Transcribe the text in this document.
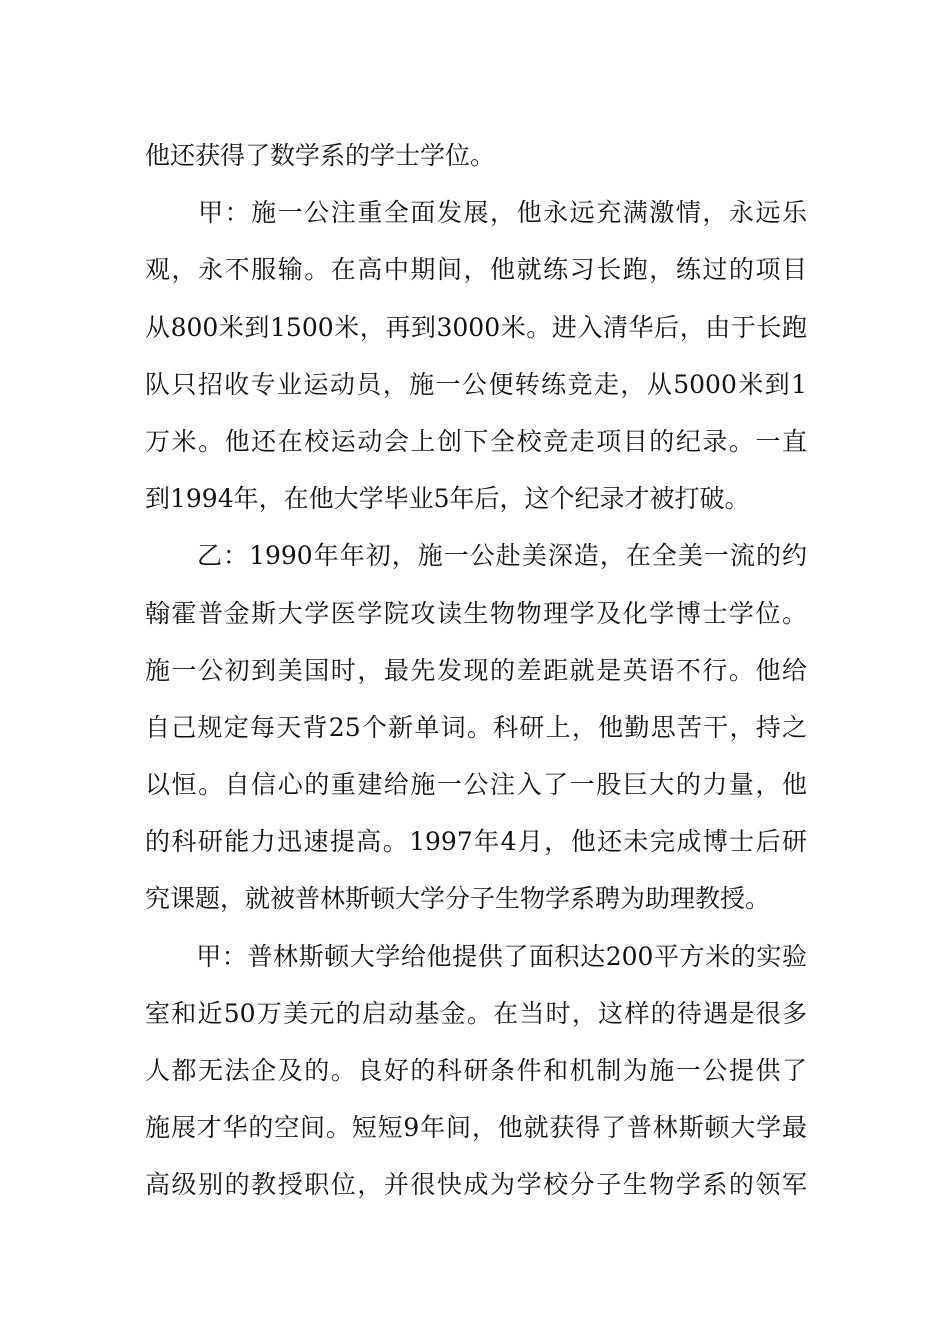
他还获得了数学系的学士学位。
　　甲：施一公注重全面发展，他永远充满激情，永远乐
观，永不服输。在高中期间，他就练习长跑，练过的项目
从800米到1500米，再到3000米。进入清华后，由于长跑
队只招收专业运动员，施一公便转练竞走，从5000米到1
万米。他还在校运动会上创下全校竞走项目的纪录。一直
到1994年，在他大学毕业5年后，这个纪录才被打破。
　　乙：1990年年初，施一公赴美深造，在全美一流的约
翰霍普金斯大学医学院攻读生物物理学及化学博士学位。
施一公初到美国时，最先发现的差距就是英语不行。他给
自己规定每天背25个新单词。科研上，他勤思苦干，持之
以恒。自信心的重建给施一公注入了一股巨大的力量，他
的科研能力迅速提高。1997年4月，他还未完成博士后研
究课题，就被普林斯顿大学分子生物学系聘为助理教授。
　　甲：普林斯顿大学给他提供了面积达200平方米的实验
室和近50万美元的启动基金。在当时，这样的待遇是很多
人都无法企及的。良好的科研条件和机制为施一公提供了
施展才华的空间。短短9年间，他就获得了普林斯顿大学最
高级别的教授职位，并很快成为学校分子生物学系的领军
